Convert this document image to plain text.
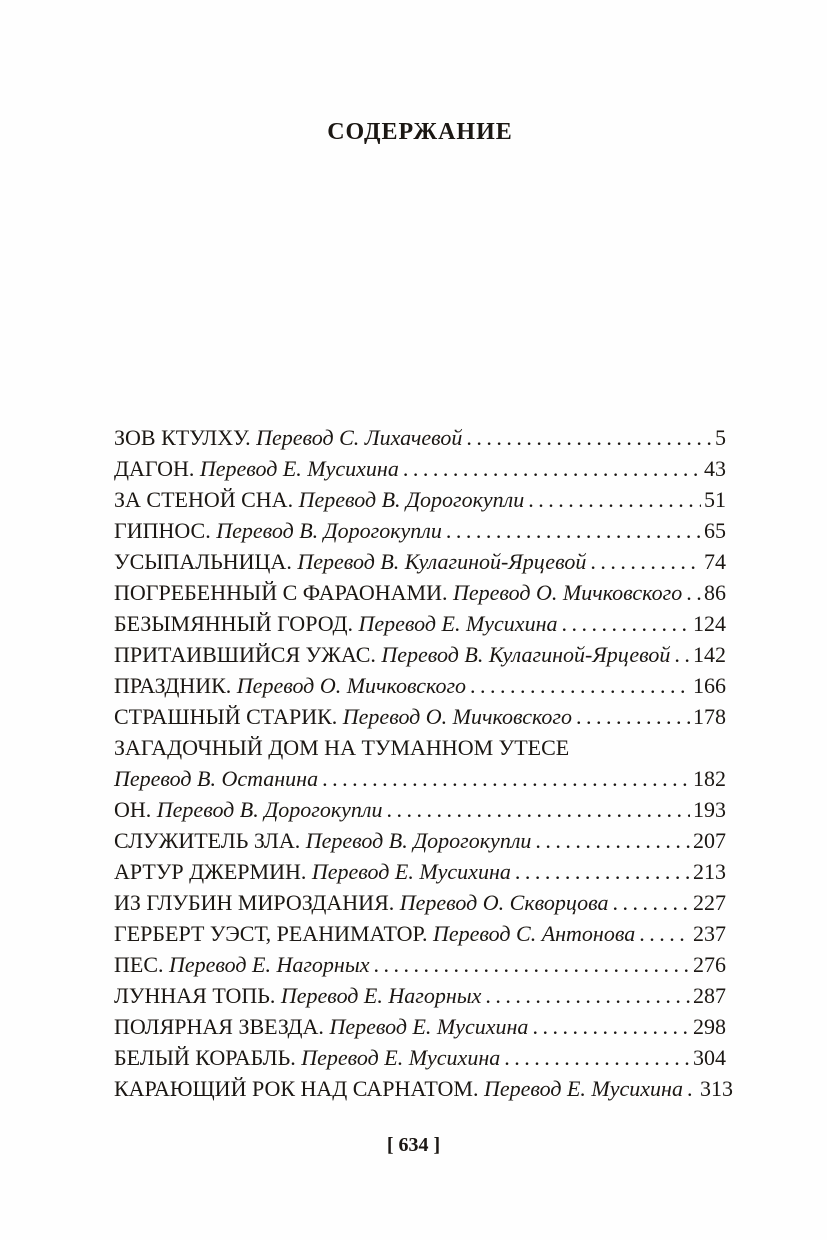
СОДЕРЖАНИЕ
ЗОВ КТУЛХУ. Перевод С. Лихачевой .....	5
ДАГОН. Перевод Е. Мусихина .....	43
ЗА СТЕНОЙ СНА. Перевод В. Дорогокупли .....	51
ГИПНОС. Перевод В. Дорогокупли .....	65
УСЫПАЛЬНИЦА. Перевод В. Кулагиной-Ярцевой .....	74
ПОГРЕБЕННЫЙ С ФАРАОНАМИ. Перевод О. Мичковского ..... 86
БЕЗЫМЯННЫЙ ГОРОД. Перевод Е. Мусихина .....	124
ПРИТАИВШИЙСЯ УЖАС. Перевод В. Кулагиной-Ярцевой ..... 142
ПРАЗДНИК. Перевод О. Мичковского .....	166
СТРАШНЫЙ СТАРИК. Перевод О. Мичковского .....	178
ЗАГАДОЧНЫЙ ДОМ НА ТУМАННОМ УТЕСЕ
Перевод В. Останина .....	182
ОН. Перевод В. Дорогокупли .....	193
СЛУЖИТЕЛЬ ЗЛА. Перевод В. Дорогокупли .....	207
АРТУР ДЖЕРМИН. Перевод Е. Мусихина .....	213
ИЗ ГЛУБИН МИРОЗДАНИЯ. Перевод О. Скворцова .....	227
ГЕРБЕРТ УЭСТ, РЕАНИМАТОР. Перевод С. Антонова .....	237
ПЕС. Перевод Е. Нагорных .....	276
ЛУННАЯ ТОПЬ. Перевод Е. Нагорных .....	287
ПОЛЯРНАЯ ЗВЕЗДА. Перевод Е. Мусихина .....	298
БЕЛЫЙ КОРАБЛЬ. Перевод Е. Мусихина .....	304
КАРАЮЩИЙ РОК НАД САРНАТОМ. Перевод Е. Мусихина ..... 313
[ 634 ]
